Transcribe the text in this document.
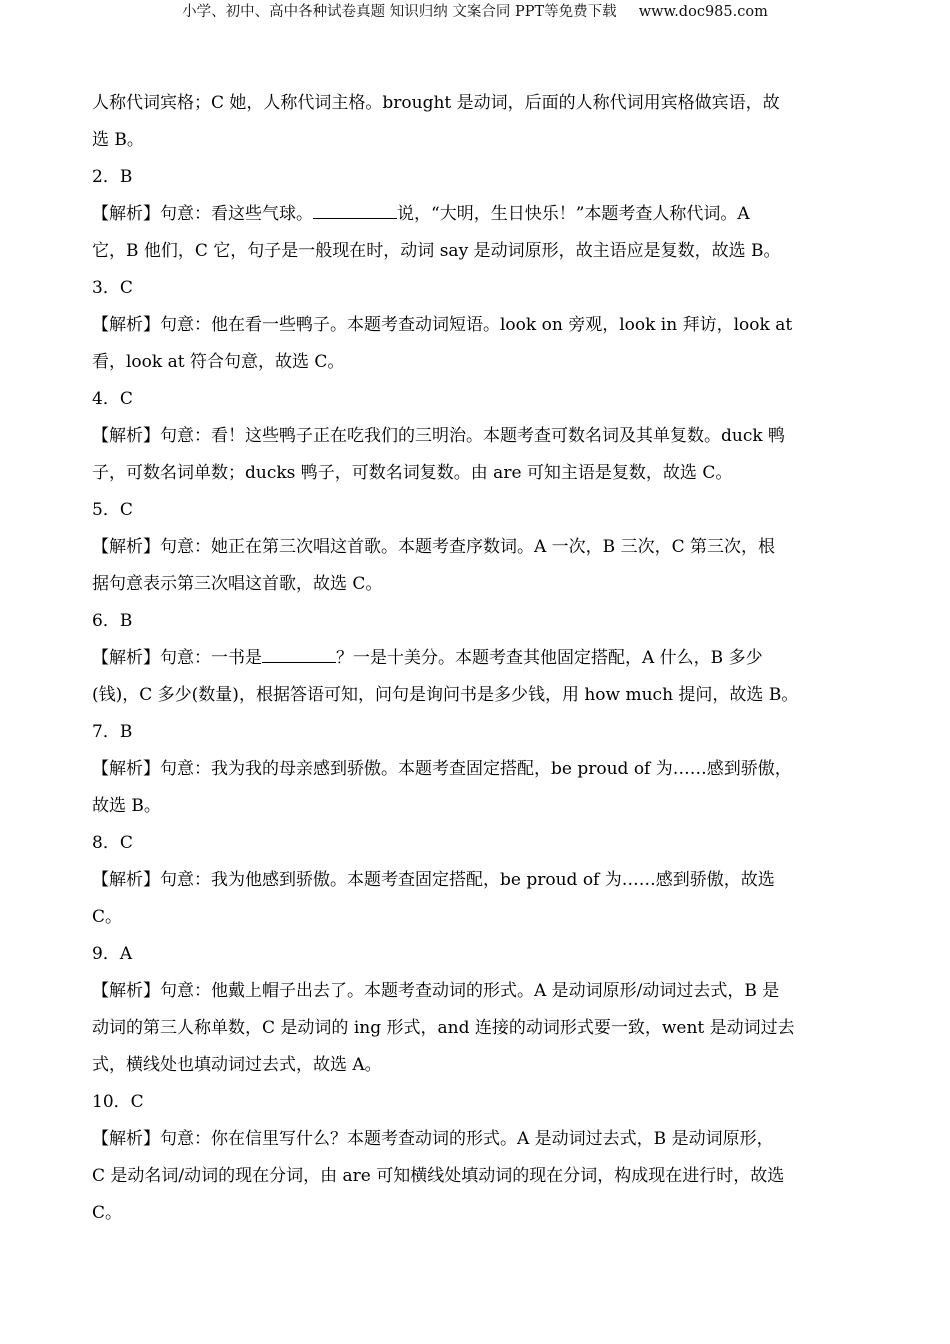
小学、初中、高中各种试卷真题 知识归纳 文案合同 PPT等免费下载 www.doc985.com
人称代词宾格；C 她，人称代词主格。brought 是动词，后面的人称代词用宾格做宾语，故
选 B。
2．B
【解析】句意：看这些气球。	说，“大明，生日快乐！”本题考查人称代词。A
它，B 他们，C 它，句子是一般现在时，动词 say 是动词原形，故主语应是复数，故选 B。
3．C
【解析】句意：他在看一些鸭子。本题考查动词短语。look on 旁观，look in 拜访，look at
看，look at 符合句意，故选 C。
4．C
【解析】句意：看！这些鸭子正在吃我们的三明治。本题考查可数名词及其单复数。duck 鸭
子，可数名词单数；ducks 鸭子，可数名词复数。由 are 可知主语是复数，故选 C。
5．C
【解析】句意：她正在第三次唱这首歌。本题考查序数词。A 一次，B 三次，C 第三次，根
据句意表示第三次唱这首歌，故选 C。
6．B
【解析】句意：一书是	？一是十美分。本题考查其他固定搭配，A 什么，B 多少
(钱)，C 多少(数量)，根据答语可知，问句是询问书是多少钱，用 how much 提问，故选 B。
7．B
【解析】句意：我为我的母亲感到骄傲。本题考查固定搭配，be proud of 为……感到骄傲，
故选 B。
8．C
【解析】句意：我为他感到骄傲。本题考查固定搭配，be proud of 为……感到骄傲，故选
C。
9．A
【解析】句意：他戴上帽子出去了。本题考查动词的形式。A 是动词原形/动词过去式，B 是
动词的第三人称单数，C 是动词的 ing 形式，and 连接的动词形式要一致，went 是动词过去
式，横线处也填动词过去式，故选 A。
10．C
【解析】句意：你在信里写什么？本题考查动词的形式。A 是动词过去式，B 是动词原形，
C 是动名词/动词的现在分词，由 are 可知横线处填动词的现在分词，构成现在进行时，故选
C。
